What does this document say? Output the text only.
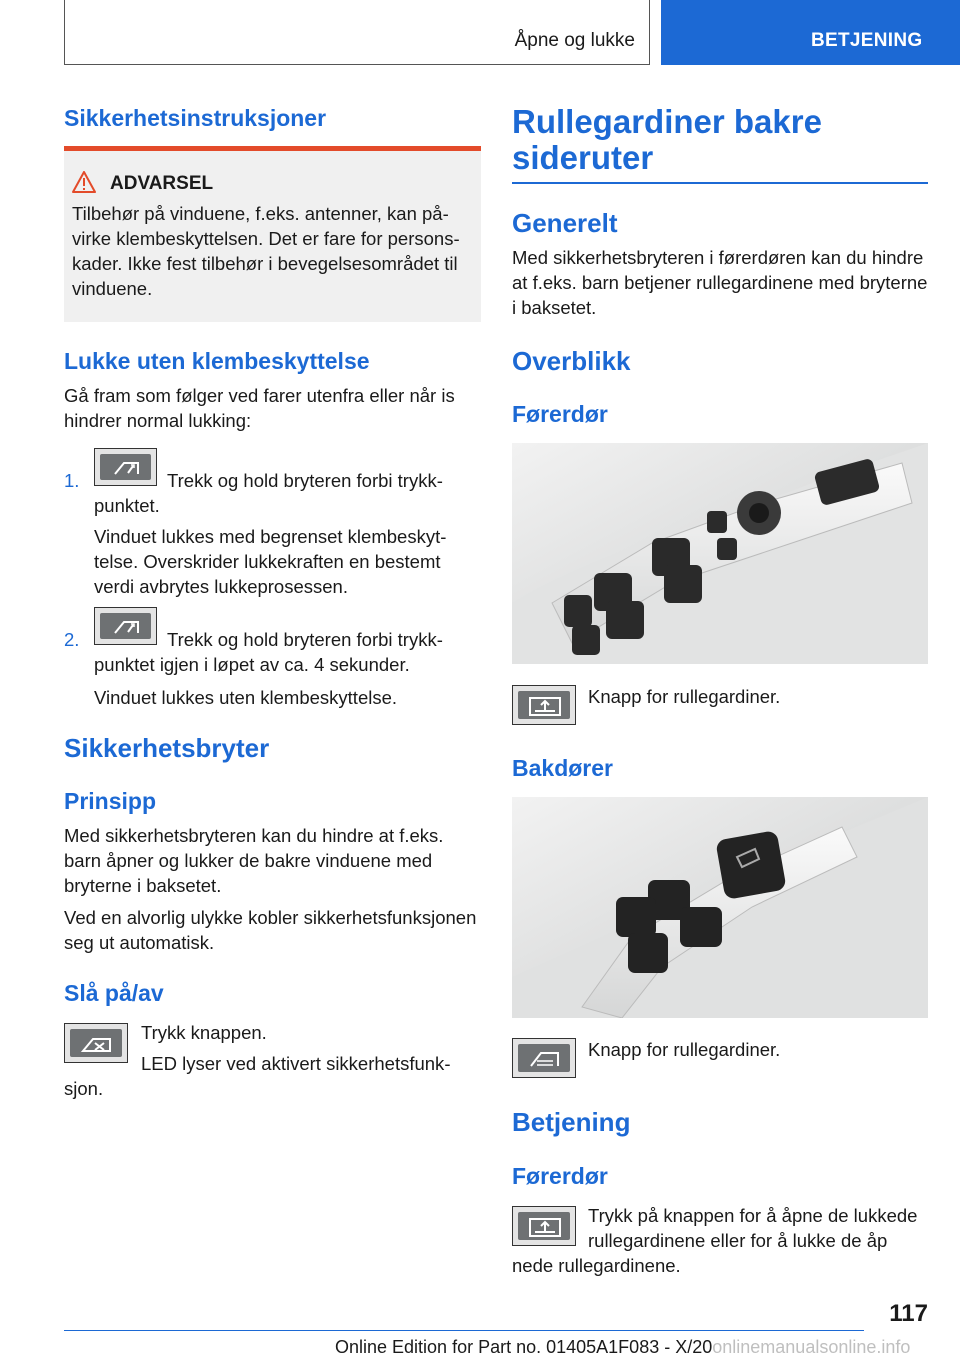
Åpne og lukke	BETJENING
Sikkerhetsinstruksjoner
ADVARSEL
Tilbehør på vinduene, f.eks. antenner, kan påvirke klembeskyttelsen. Det er fare for personskader. Ikke fest tilbehør i bevegelsesområdet til vinduene.
Lukke uten klembeskyttelse
Gå fram som følger ved farer utenfra eller når is hindrer normal lukking:
1.	Trekk og hold bryteren forbi trykkpunktet.
Vinduet lukkes med begrenset klembeskyttelse. Overskrider lukkekraften en bestemt verdi avbrytes lukkeprosessen.
2.	Trekk og hold bryteren forbi trykkpunktet igjen i løpet av ca. 4 sekunder.
Vinduet lukkes uten klembeskyttelse.
Sikkerhetsbryter
Prinsipp
Med sikkerhetsbryteren kan du hindre at f.eks. barn åpner og lukker de bakre vinduene med bryterne i baksetet.
Ved en alvorlig ulykke kobler sikkerhetsfunksjonen seg ut automatisk.
Slå på/av
Trykk knappen.
LED lyser ved aktivert sikkerhetsfunksjon.
Rullegardiner bakre
sideruter
Generelt
Med sikkerhetsbryteren i førerdøren kan du hindre at f.eks. barn betjener rullegardinene med bryterne i baksetet.
Overblikk
Førerdør
Knapp for rullegardiner.
Bakdører
Knapp for rullegardiner.
Betjening
Førerdør
Trykk på knappen for å åpne de lukkede rullegardinene eller for å lukke de åp
nede rullegardinene.
117
Online Edition for Part no. 01405A1F083 - X/20onlinemanualsonline.info
